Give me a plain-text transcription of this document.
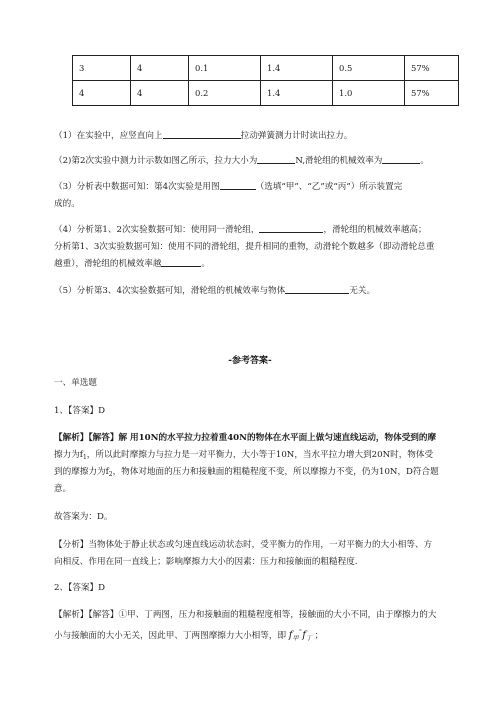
3	4	0.1	1.4	0.5	57%
4	4	0.2	1.4	1.0	57%
（1）在实验中，应竖直向上	拉动弹簧测力计时读出拉力。
（2)第2次实验中测力计示数如图乙所示，拉力大小为	N,滑轮组的机械效率为	。
（3）分析表中数据可知：第4次实验是用图	（选填“甲”、“乙”或“丙”）所示装置完
成的。
（4）分析第1、2次实验数据可知：使用同一滑轮组，	，滑轮组的机械效率越高；
分析第1、3次实验数据可知：使用不同的滑轮组，提升相同的重物，动滑轮个数越多（即动滑轮总重
越重），滑轮组的机械效率越	。
（5）分析第3、4次实验数据可知，滑轮组的机械效率与物体	无关。
-参考答案-
一、单选题
1、【答案】D
【解析】【解答】解 用10N的水平拉力拉着重40N的物体在水平面上做匀速直线运动，物体受到的摩
擦力为$f_1$，所以此时摩擦力与拉力是一对平衡力，大小等于10N，当水平拉力增大到20N时，物体受
到的摩擦力为$f_2$，物体对地面的压力和接触面的粗糙程度不变，所以摩擦力不变，仍为10N，D符合题
意。
故答案为：D。
【分析】当物体处于静止状态或匀速直线运动状态时，受平衡力的作用，一对平衡力的大小相等、方
向相反、作用在同一直线上；影响摩擦力大小的因素：压力和接触面的粗糙程度.
2、【答案】D
【解析】【解答】①甲、丁两图，压力和接触面的粗糙程度相等，接触面的大小不同，由于摩擦力的大
小与接触面的大小无关，因此甲、丁两图摩擦力大小相等，即 $f_甲^{^=}f_丁$ ；
